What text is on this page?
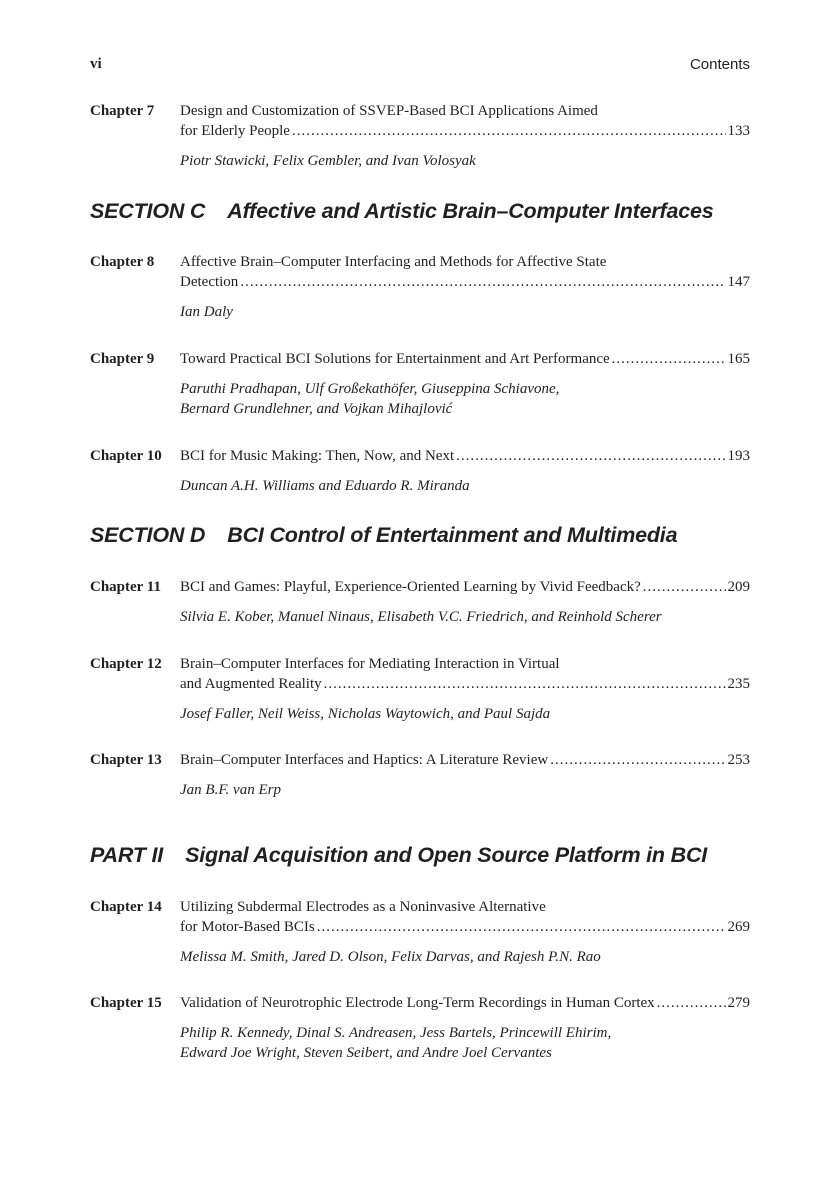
vi	Contents
Chapter 7 Design and Customization of SSVEP-Based BCI Applications Aimed
for Elderly People .....	133
Piotr Stawicki, Felix Gembler, and Ivan Volosyak
SECTION C Affective and Artistic Brain–Computer Interfaces
Chapter 8 Affective Brain–Computer Interfacing and Methods for Affective State
Detection .....	147
Ian Daly
Chapter 9 Toward Practical BCI Solutions for Entertainment and Art Performance .....	165
Paruthi Pradhapan, Ulf Großekathöfer, Giuseppina Schiavone,
Bernard Grundlehner, and Vojkan Mihajlović
Chapter 10 BCI for Music Making: Then, Now, and Next .....	193
Duncan A.H. Williams and Eduardo R. Miranda
SECTION D BCI Control of Entertainment and Multimedia
Chapter 11 BCI and Games: Playful, Experience-Oriented Learning by Vivid Feedback? .....	209
Silvia E. Kober, Manuel Ninaus, Elisabeth V.C. Friedrich, and Reinhold Scherer
Chapter 12 Brain–Computer Interfaces for Mediating Interaction in Virtual
and Augmented Reality .....	235
Josef Faller, Neil Weiss, Nicholas Waytowich, and Paul Sajda
Chapter 13 Brain–Computer Interfaces and Haptics: A Literature Review .....	253
Jan B.F. van Erp
PART II Signal Acquisition and Open Source Platform in BCI
Chapter 14 Utilizing Subdermal Electrodes as a Noninvasive Alternative
for Motor-Based BCIs .....	269
Melissa M. Smith, Jared D. Olson, Felix Darvas, and Rajesh P.N. Rao
Chapter 15 Validation of Neurotrophic Electrode Long-Term Recordings in Human Cortex .....	279
Philip R. Kennedy, Dinal S. Andreasen, Jess Bartels, Princewill Ehirim,
Edward Joe Wright, Steven Seibert, and Andre Joel Cervantes
